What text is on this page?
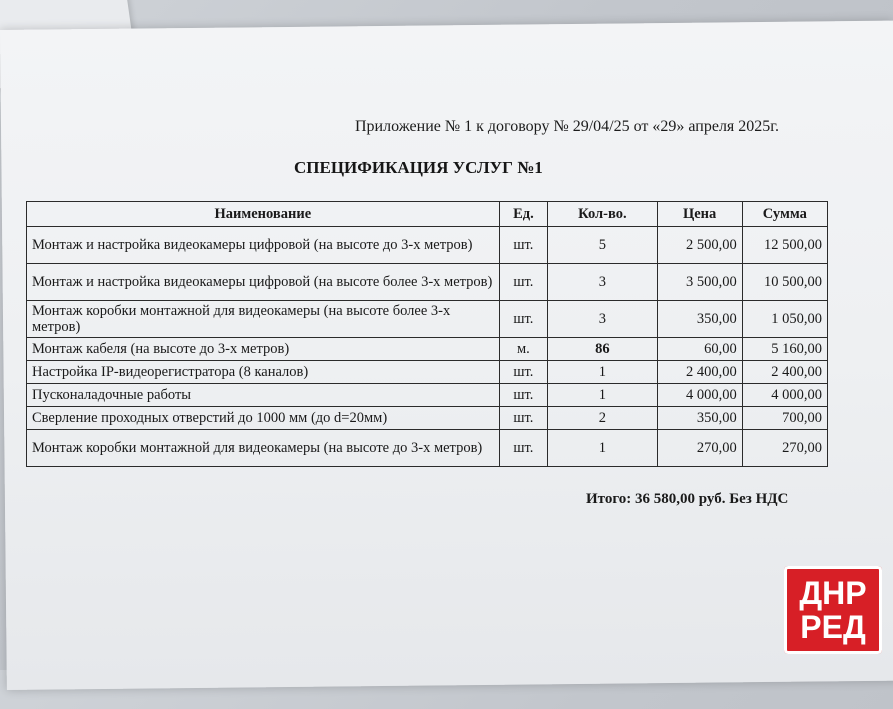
Приложение № 1 к договору № 29/04/25 от «29» апреля 2025г.
СПЕЦИФИКАЦИЯ УСЛУГ №1
Наименование	Ед.	Кол-во.	Цена	Сумма
Монтаж и настройка видеокамеры цифровой (на высоте до 3-х метров)	шт.	5	2 500,00	12 500,00
Монтаж и настройка видеокамеры цифровой (на высоте более 3-х метров)	шт.	3	3 500,00	10 500,00
Монтаж коробки монтажной для видеокамеры (на высоте более 3-х метров)	шт.	3	350,00	1 050,00
Монтаж кабеля (на высоте до 3-х метров)	м.	86	60,00	5 160,00
Настройка IP-видеорегистратора (8 каналов)	шт.	1	2 400,00	2 400,00
Пусконаладочные работы	шт.	1	4 000,00	4 000,00
Сверление проходных отверстий до 1000 мм (до d=20мм)	шт.	2	350,00	700,00
Монтаж коробки монтажной для видеокамеры (на высоте до 3-х метров)	шт.	1	270,00	270,00
Итого: 36 580,00 руб. Без НДС
ДНР
РЕД
